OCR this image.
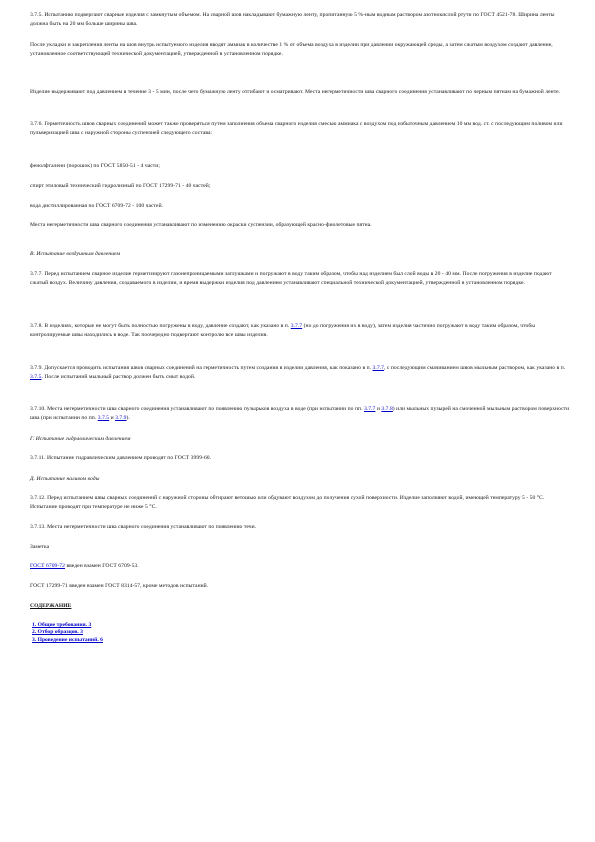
3.7.5. Испытанию подвергают сварные изделия с замкнутым объемом. На сварной шов накладывают бумажную ленту, пропитанную 5 %-ным водным раствором азотнокислой ртути по ГОСТ 4521-78. Ширина ленты должна быть на 20 мм больше ширины шва.
После укладки и закрепления ленты на шов внутрь испытуемого изделия вводят аммиак в количестве 1 % от объема воздуха в изделии при давлении окружающей среды, а затем сжатым воздухом создают давление, установленное соответствующей технической документацией, утвержденной в установленном порядке.
Изделие выдерживают под давлением в течение 3 - 5 мин, после чего бумажную ленту отгибают и осматривают. Места негерметичности шва сварного соединения устанавливают по черным пятнам на бумажной ленте.
3.7.6. Герметичность швов сварных соединений может также проверяться путем заполнения объема сварного изделия смесью аммиака с воздухом под избыточным давлением 10 мм вод. ст. с последующим поливом или пульверизацией шва с наружной стороны суспензией следующего состава:
фенолфталеин (порошок) по ГОСТ 5850-51 - 4 части;
спирт этиловый технический гидролизный по ГОСТ 17299-71 - 40 частей;
вода дистиллированная по ГОСТ 6709-72 - 100 частей.
Места негерметичности шва сварного соединения устанавливают по изменению окраски суспензии, образующей красно-фиолетовые пятна.
В. Испытание воздушным давлением
3.7.7. Перед испытанием сварное изделие герметизируют газонепроницаемыми заглушками и погружают в воду таким образом, чтобы над изделием был слой воды в 20 - 40 мм. После погружения в изделие подают сжатый воздух. Величину давления, создаваемого в изделии, и время выдержки изделия под давлением устанавливают специальной технической документацией, утвержденной в установленном порядке.
3.7.8. В изделиях, которые не могут быть полностью погружены в воду, давление создают, как указано в п. 3.7.7 (но до погружения их в воду), затем изделия частично погружают в воду таким образом, чтобы контролируемые швы находились в воде. Так поочередно подвергают контролю все швы изделия.
3.7.9. Допускается проводить испытания швов сварных соединений на герметичность путем создания в изделии давления, как показано в п. 3.7.7, с последующим смачиванием швов мыльным раствором, как указано в п. 3.7.5. После испытаний мыльный раствор должен быть смыт водой.
3.7.10. Места негерметичности шва сварного соединения устанавливают по появлению пузырьков воздуха в воде (при испытании по пп. 3.7.7 и 3.7.8) или мыльных пузырей на смоченной мыльным раствором поверхности шва (при испытании по пп. 3.7.5 и 3.7.9).
Г. Испытание гидравлическим давлением
3.7.11. Испытание гидравлическим давлением проводят по ГОСТ 3999-60.
Д. Испытание наливом воды
3.7.12. Перед испытанием швы сварных соединений с наружной стороны обтирают ветошью или обдувают воздухом до получения сухой поверхности. Изделие заполняют водой, имеющей температуру 5 - 50 °С. Испытание проводят при температуре не ниже 5 °С.
3.7.13. Места негерметичности шва сварного соединения устанавливают по появлению течи.
Заметка
ГОСТ 6709-72 введен взамен ГОСТ 6709-53.
ГОСТ 17299-71 введен взамен ГОСТ 8314-57, кроме методов испытаний.
СОДЕРЖАНИЕ
1. Общие требования. 3
2. Отбор образцов. 3
3. Проведение испытаний. 6
